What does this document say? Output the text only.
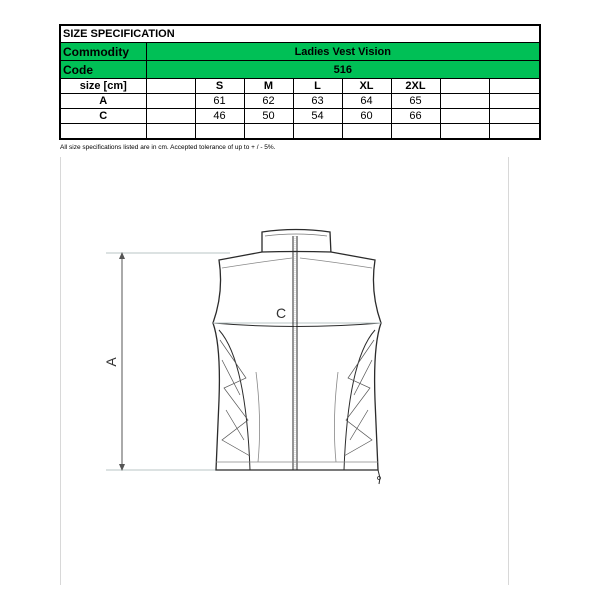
SIZE SPECIFICATION								
Commodity	Ladies Vest Vision							
Code	516							
size [cm]		S	M	L	XL	2XL		
A		61	62	63	64	65		
C		46	50	54	60	66		

All size specifications listed are in cm. Accepted tolerance of up to + / - 5%.
A
C
